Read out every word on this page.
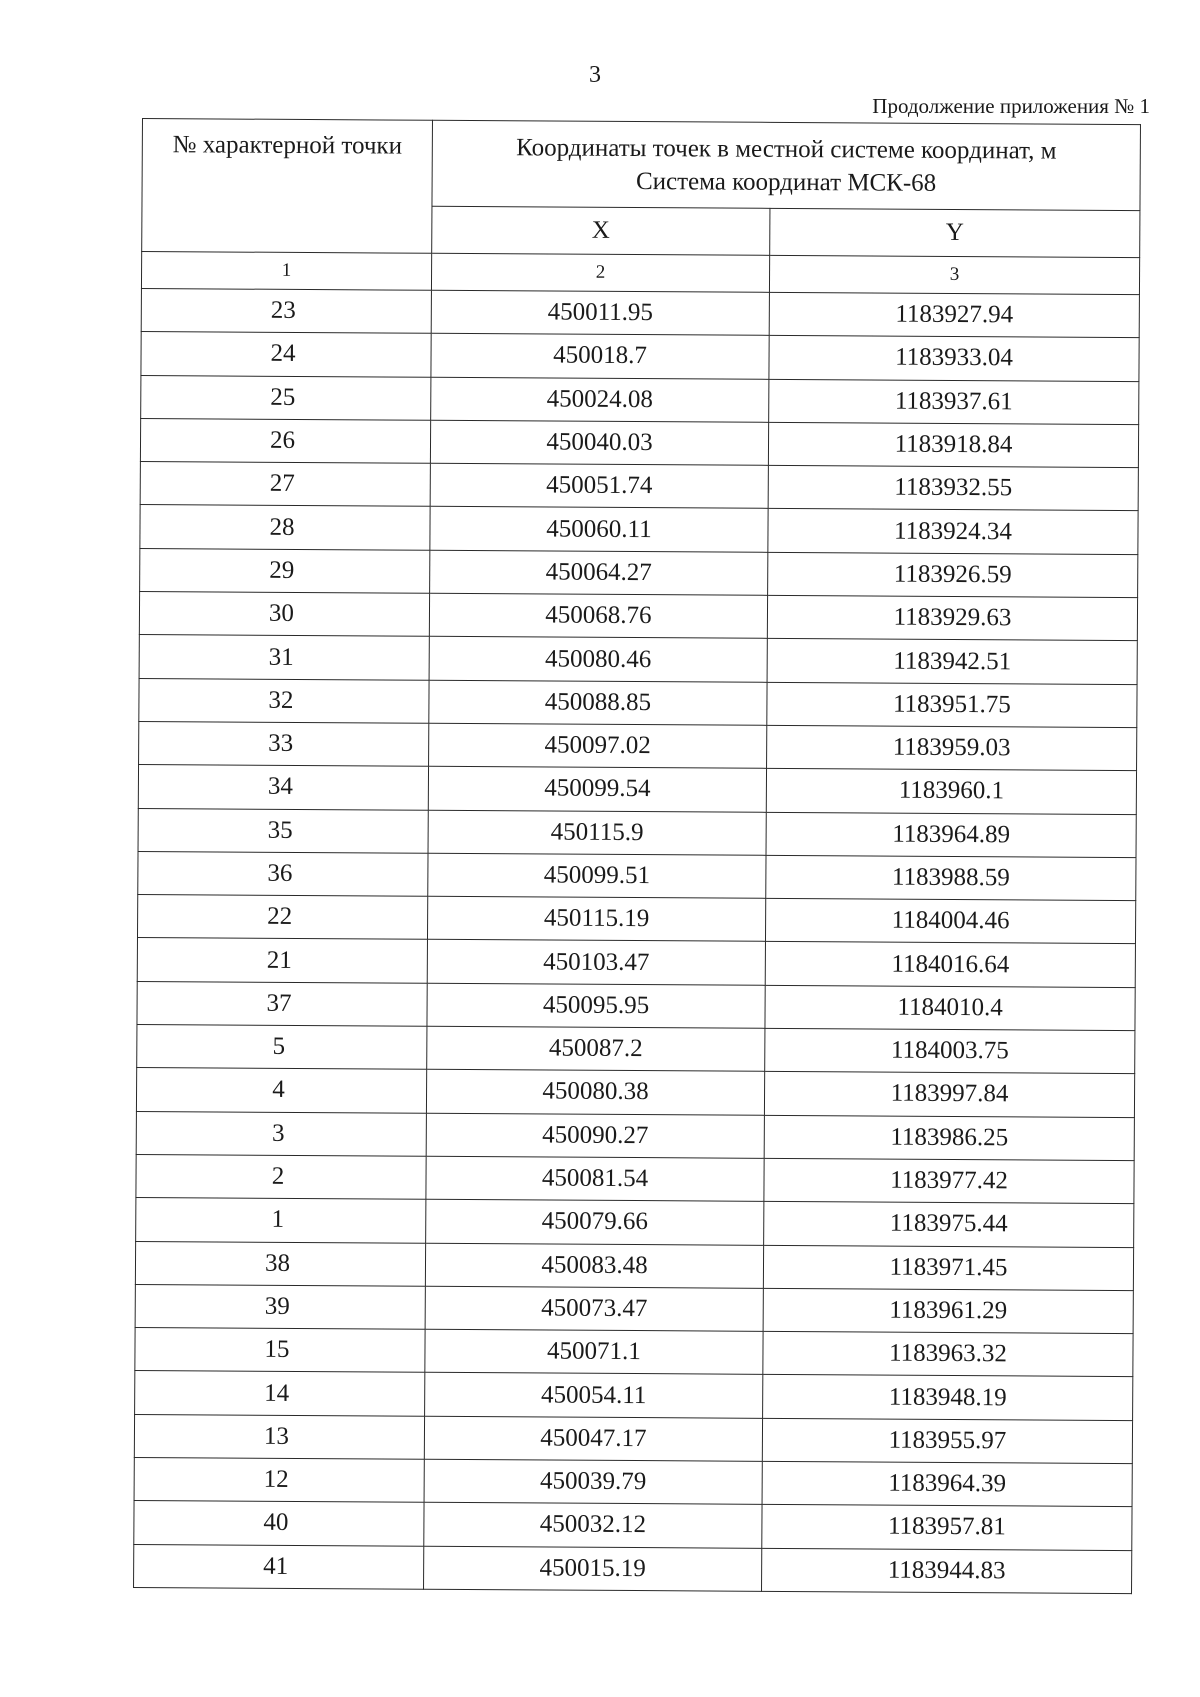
3
Продолжение приложения № 1
№ характерной точки	Координаты точек в местной системе координат, м
Система координат МСК-68	

	X	Y
1	2	3
23	450011.95	1183927.94
24	450018.7	1183933.04
25	450024.08	1183937.61
26	450040.03	1183918.84
27	450051.74	1183932.55
28	450060.11	1183924.34
29	450064.27	1183926.59
30	450068.76	1183929.63
31	450080.46	1183942.51
32	450088.85	1183951.75
33	450097.02	1183959.03
34	450099.54	1183960.1
35	450115.9	1183964.89
36	450099.51	1183988.59
22	450115.19	1184004.46
21	450103.47	1184016.64
37	450095.95	1184010.4
5	450087.2	1184003.75
4	450080.38	1183997.84
3	450090.27	1183986.25
2	450081.54	1183977.42
1	450079.66	1183975.44
38	450083.48	1183971.45
39	450073.47	1183961.29
15	450071.1	1183963.32
14	450054.11	1183948.19
13	450047.17	1183955.97
12	450039.79	1183964.39
40	450032.12	1183957.81
41	450015.19	1183944.83
